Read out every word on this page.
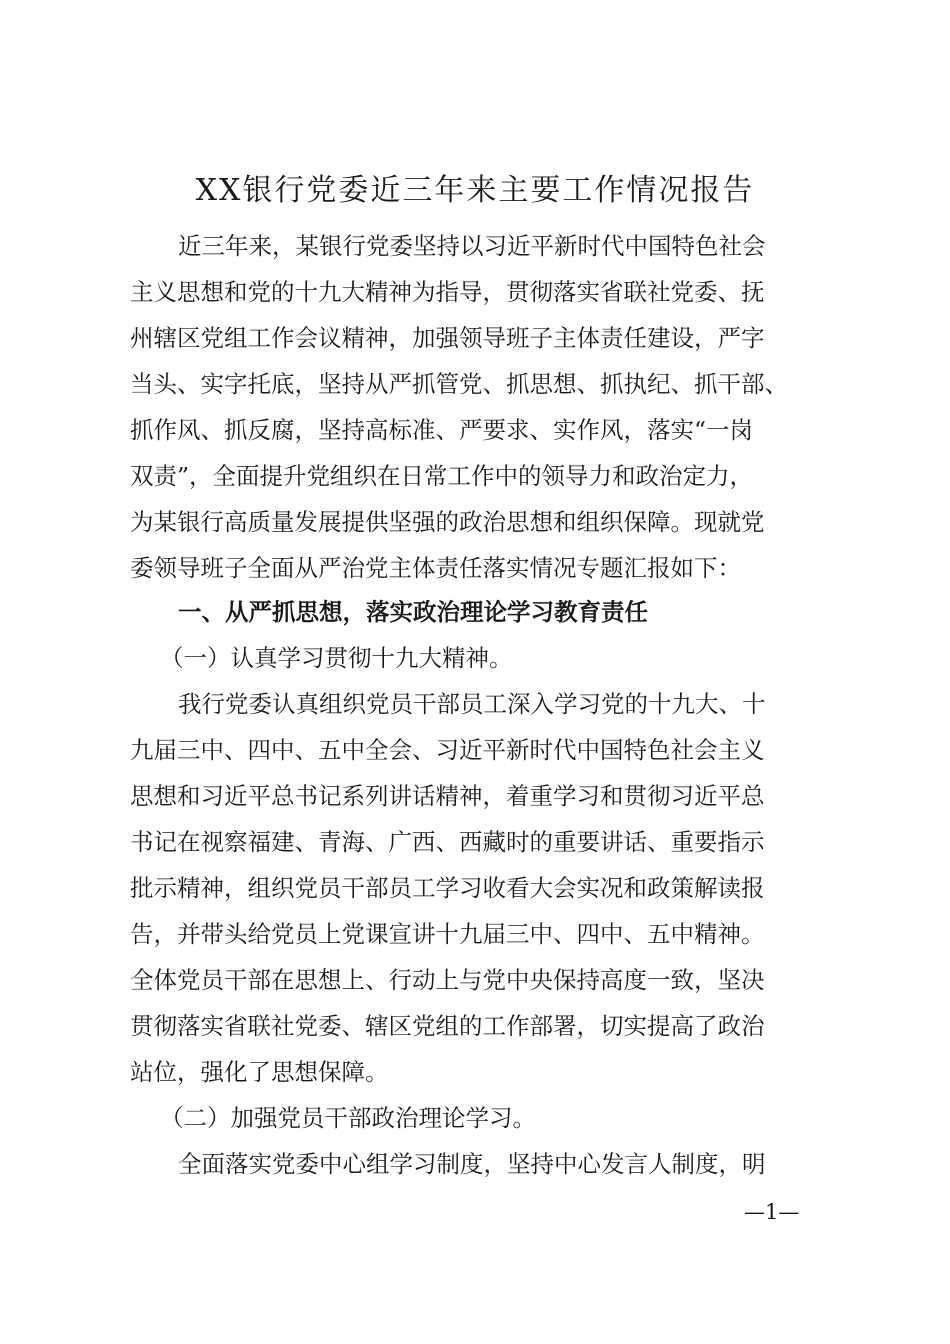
XX银行党委近三年来主要工作情况报告
近三年来，某银行党委坚持以习近平新时代中国特色社会
主义思想和党的十九大精神为指导，贯彻落实省联社党委、抚
州辖区党组工作会议精神，加强领导班子主体责任建设，严字
当头、实字托底，坚持从严抓管党、抓思想、抓执纪、抓干部、
抓作风、抓反腐，坚持高标准、严要求、实作风，落实“一岗
双责”，全面提升党组织在日常工作中的领导力和政治定力，
为某银行高质量发展提供坚强的政治思想和组织保障。现就党
委领导班子全面从严治党主体责任落实情况专题汇报如下：
一、从严抓思想，落实政治理论学习教育责任
（一）认真学习贯彻十九大精神。
我行党委认真组织党员干部员工深入学习党的十九大、十
九届三中、四中、五中全会、习近平新时代中国特色社会主义
思想和习近平总书记系列讲话精神，着重学习和贯彻习近平总
书记在视察福建、青海、广西、西藏时的重要讲话、重要指示
批示精神，组织党员干部员工学习收看大会实况和政策解读报
告，并带头给党员上党课宣讲十九届三中、四中、五中精神。
全体党员干部在思想上、行动上与党中央保持高度一致，坚决
贯彻落实省联社党委、辖区党组的工作部署，切实提高了政治
站位，强化了思想保障。
（二）加强党员干部政治理论学习。
全面落实党委中心组学习制度，坚持中心发言人制度，明
—1—
